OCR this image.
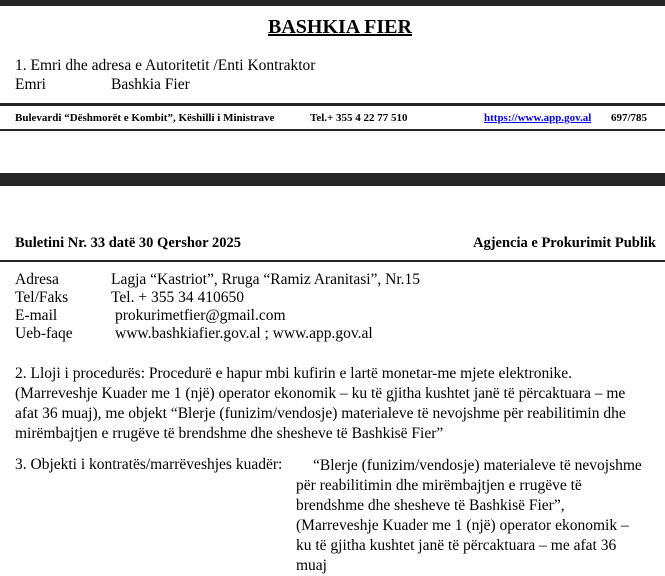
BASHKIA FIER
1. Emri dhe adresa e Autoritetit /Enti Kontraktor
Emri	Bashkia Fier
Bulevardi “Dëshmorët e Kombit”, Këshilli i Ministrave	Tel.+ 355 4 22 77 510	https://www.app.gov.al 697/785
Buletini Nr. 33 datë 30 Qershor 2025	Agjencia e Prokurimit Publik
Adresa	Lagja “Kastriot”, Rruga “Ramiz Aranitasi”, Nr.15
Tel/Faks	Tel. + 355 34 410650
E-mail	prokurimetfier@gmail.com
Ueb-faqe	www.bashkiafier.gov.al ; www.app.gov.al
2. Lloji i procedurës: Procedurë e hapur mbi kufirin e lartë monetar-me mjete elektronike.
(Marreveshje Kuader me 1 (një) operator ekonomik – ku të gjitha kushtet janë të përcaktuara – me
afat 36 muaj), me objekt “Blerje (funizim/vendosje) materialeve të nevojshme për reabilitimin dhe
mirëmbajtjen e rrugëve të brendshme dhe shesheve të Bashkisë Fier”
3. Objekti i kontratës/marrëveshjes kuadër:	“Blerje (funizim/vendosje) materialeve të nevojshme
për reabilitimin dhe mirëmbajtjen e rrugëve të
brendshme dhe shesheve të Bashkisë Fier”,
(Marreveshje Kuader me 1 (një) operator ekonomik –
ku të gjitha kushtet janë të përcaktuara – me afat 36
muaj
